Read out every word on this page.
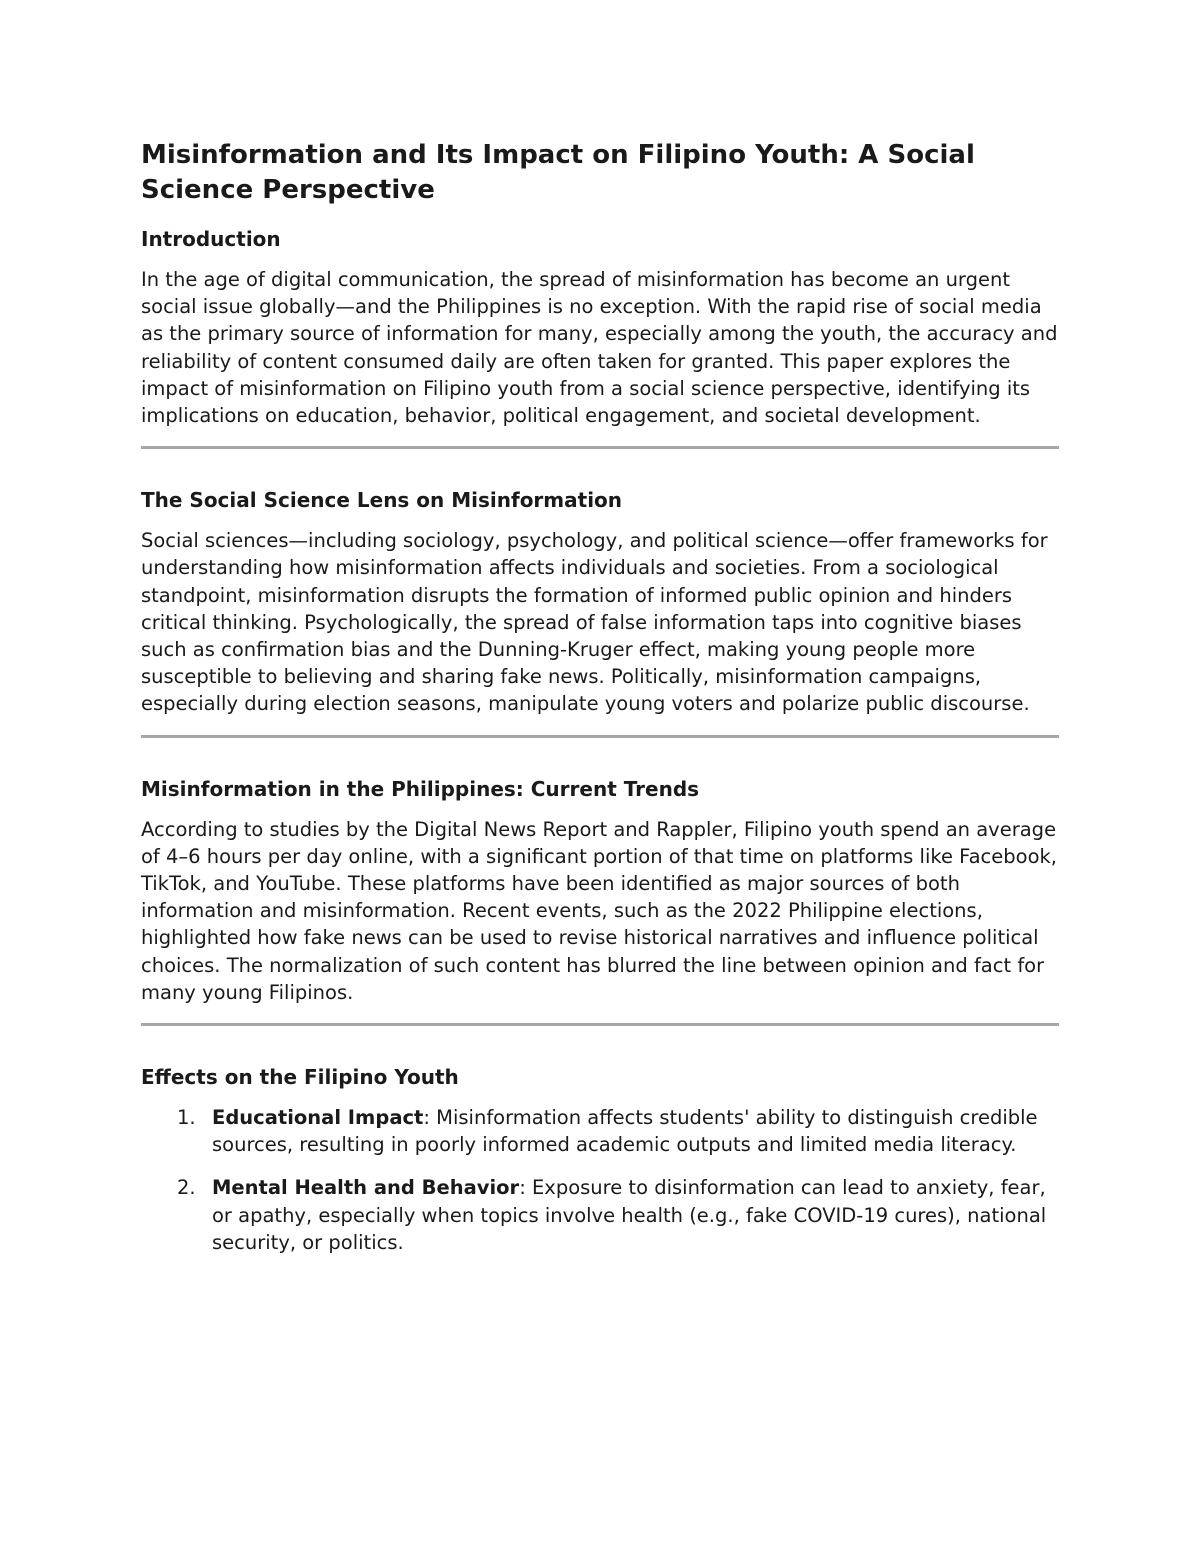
Misinformation and Its Impact on Filipino Youth: A Social Science Perspective
Introduction

In the age of digital communication, the spread of misinformation has become an urgent social issue globally—and the Philippines is no exception. With the rapid rise of social media as the primary source of information for many, especially among the youth, the accuracy and reliability of content consumed daily are often taken for granted. This paper explores the impact of misinformation on Filipino youth from a social science perspective, identifying its implications on education, behavior, political engagement, and societal development.

The Social Science Lens on Misinformation

Social sciences—including sociology, psychology, and political science—offer frameworks for understanding how misinformation affects individuals and societies. From a sociological standpoint, misinformation disrupts the formation of informed public opinion and hinders critical thinking. Psychologically, the spread of false information taps into cognitive biases such as confirmation bias and the Dunning-Kruger effect, making young people more susceptible to believing and sharing fake news. Politically, misinformation campaigns, especially during election seasons, manipulate young voters and polarize public discourse.

Misinformation in the Philippines: Current Trends

According to studies by the Digital News Report and Rappler, Filipino youth spend an average of 4–6 hours per day online, with a significant portion of that time on platforms like Facebook, TikTok, and YouTube. These platforms have been identified as major sources of both information and misinformation. Recent events, such as the 2022 Philippine elections, highlighted how fake news can be used to revise historical narratives and influence political choices. The normalization of such content has blurred the line between opinion and fact for many young Filipinos.

Effects on the Filipino Youth
1. Educational Impact: Misinformation affects students' ability to distinguish credible sources, resulting in poorly informed academic outputs and limited media literacy.
2. Mental Health and Behavior: Exposure to disinformation can lead to anxiety, fear, or apathy, especially when topics involve health (e.g., fake COVID-19 cures), national security, or politics.
